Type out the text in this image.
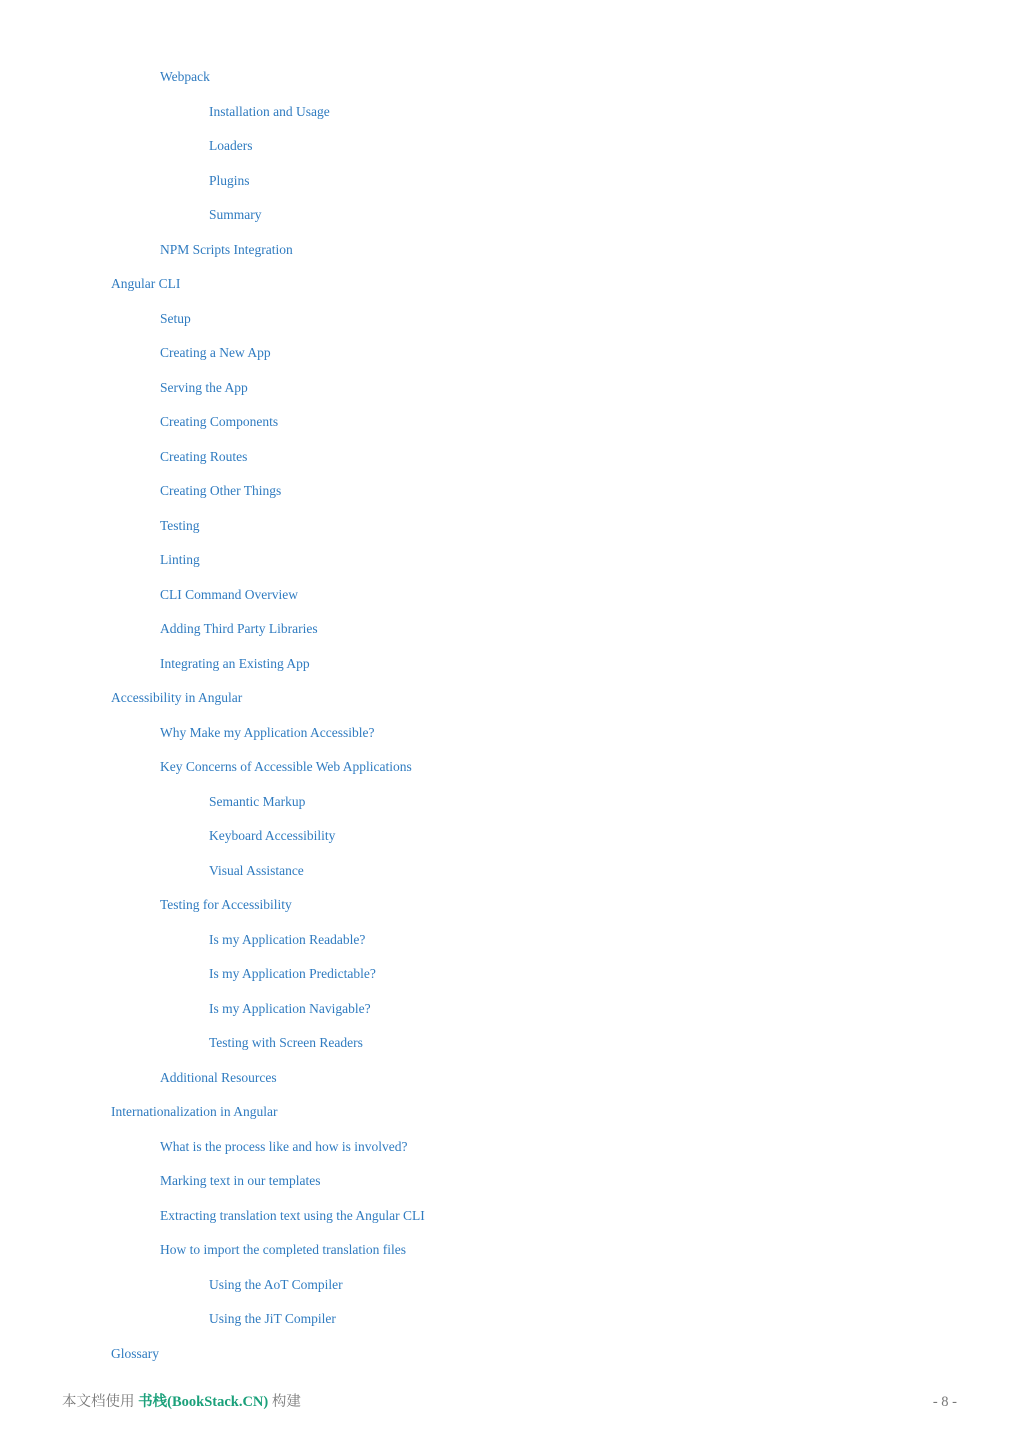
Webpack
Installation and Usage
Loaders
Plugins
Summary
NPM Scripts Integration
Angular CLI
Setup
Creating a New App
Serving the App
Creating Components
Creating Routes
Creating Other Things
Testing
Linting
CLI Command Overview
Adding Third Party Libraries
Integrating an Existing App
Accessibility in Angular
Why Make my Application Accessible?
Key Concerns of Accessible Web Applications
Semantic Markup
Keyboard Accessibility
Visual Assistance
Testing for Accessibility
Is my Application Readable?
Is my Application Predictable?
Is my Application Navigable?
Testing with Screen Readers
Additional Resources
Internationalization in Angular
What is the process like and how is involved?
Marking text in our templates
Extracting translation text using the Angular CLI
How to import the completed translation files
Using the AoT Compiler
Using the JiT Compiler
Glossary
本文档使用 书栈(BookStack.CN) 构建	- 8 -
